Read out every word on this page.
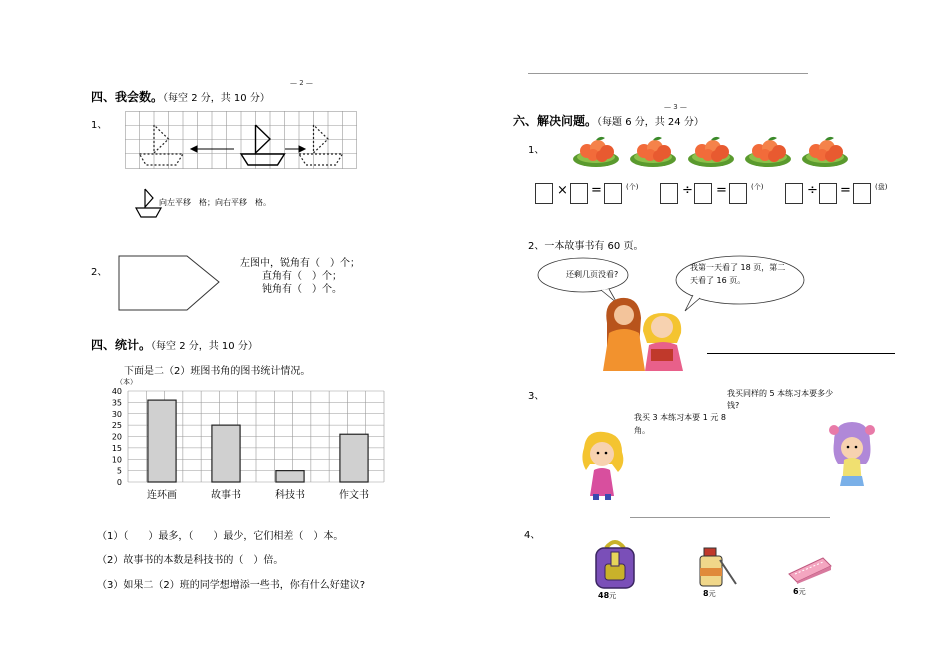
— 2 —
四、我会数。（每空 2 分，共 10 分）
1、
向左平移　格；向右平移　格。
2、
左图中，锐角有（　）个；
直角有（　）个；
钝角有（　）个。
四、统计。（每空 2 分，共 10 分）
下面是二（2）班图书角的图书统计情况。
（本）
0
5
10
15
20
25
30
35
40
连环画	故事书	科技书	作文书
（1）（　　）最多，（　　）最少，它们相差（　）本。
（2）故事书的本数是科技书的（　）倍。
（3）如果二（2）班的同学想增添一些书，你有什么好建议?
— 3 —
六、解决问题。（每题 6 分，共 24 分）
1、
× =	(个)	÷ =	(个)	÷ =	(盘)
2、一本故事书有 60 页。
还剩几页没看?
我第一天看了 18 页，第二天看了 16 页。
3、
我买 3 本练习本要 1 元 8 角。
我买同样的 5 本练习本要多少钱?
4、
48元	8元	6元
